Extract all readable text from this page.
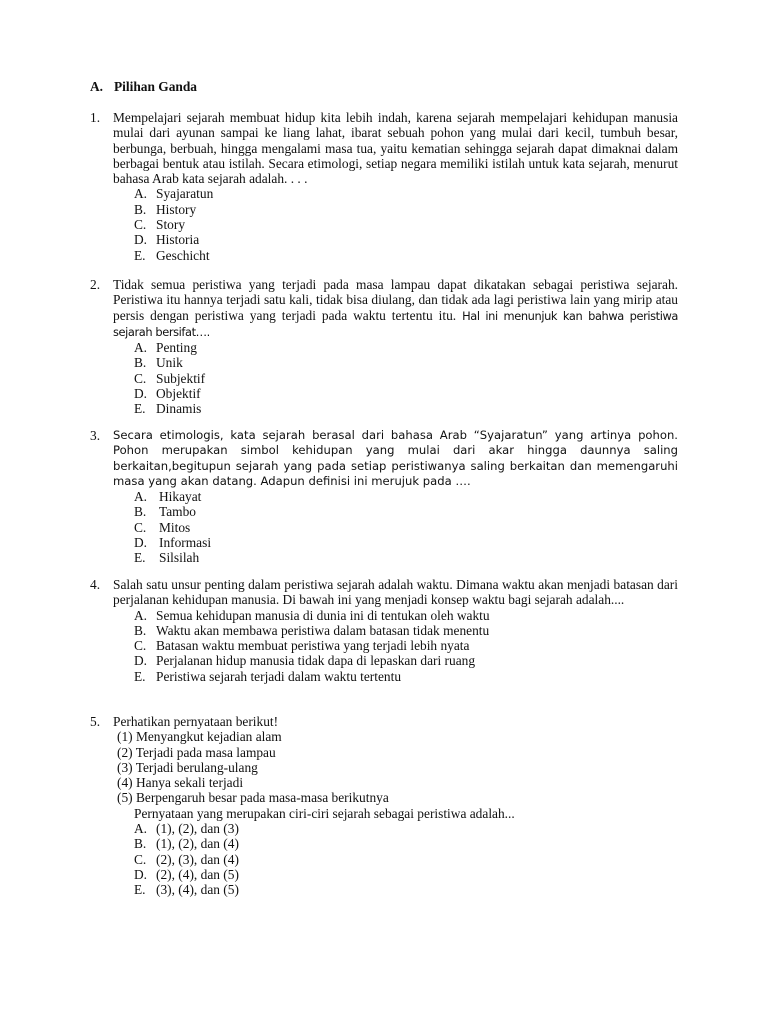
A. Pilihan Ganda
1. Mempelajari sejarah membuat hidup kita lebih indah, karena sejarah mempelajari kehidupan manusia mulai dari ayunan sampai ke liang lahat, ibarat sebuah pohon yang mulai dari kecil, tumbuh besar, berbunga, berbuah, hingga mengalami masa tua, yaitu kematian sehingga sejarah dapat dimaknai dalam berbagai bentuk atau istilah. Secara etimologi, setiap negara memiliki istilah untuk kata sejarah, menurut bahasa Arab kata sejarah adalah. . . .
A. Syajaratun
B. History
C. Story
D. Historia
E. Geschicht
2. Tidak semua peristiwa yang terjadi pada masa lampau dapat dikatakan sebagai peristiwa sejarah. Peristiwa itu hannya terjadi satu kali, tidak bisa diulang, dan tidak ada lagi peristiwa lain yang mirip atau persis dengan peristiwa yang terjadi pada waktu tertentu itu. Hal ini menunjuk kan bahwa peristiwa sejarah bersifat….
A. Penting
B. Unik
C. Subjektif
D. Objektif
E. Dinamis
3.	Secara etimologis, kata sejarah berasal dari bahasa Arab “Syajaratun” yang artinya pohon. Pohon merupakan simbol kehidupan yang mulai dari akar hingga daunnya saling berkaitan,begitupun sejarah yang pada setiap peristiwanya saling berkaitan dan memengaruhi masa yang akan datang. Adapun definisi ini merujuk pada ….
A. Hikayat
B. Tambo
C. Mitos
D. Informasi
E.	Silsilah
4. Salah satu unsur penting dalam peristiwa sejarah adalah waktu. Dimana waktu akan menjadi batasan dari perjalanan kehidupan manusia. Di bawah ini yang menjadi konsep waktu bagi sejarah adalah....
A. Semua kehidupan manusia di dunia ini di tentukan oleh waktu
B. Waktu akan membawa peristiwa dalam batasan tidak menentu
C. Batasan waktu membuat peristiwa yang terjadi lebih nyata
D. Perjalanan hidup manusia tidak dapa di lepaskan dari ruang
E. Peristiwa sejarah terjadi dalam waktu tertentu
5. Perhatikan pernyataan berikut!
(1) Menyangkut kejadian alam
(2) Terjadi pada masa lampau
(3) Terjadi berulang-ulang
(4) Hanya sekali terjadi
(5) Berpengaruh besar pada masa-masa berikutnya
Pernyataan yang merupakan ciri-ciri sejarah sebagai peristiwa adalah...
A. (1), (2), dan (3)
B. (1), (2), dan (4)
C. (2), (3), dan (4)
D. (2), (4), dan (5)
E. (3), (4), dan (5)
